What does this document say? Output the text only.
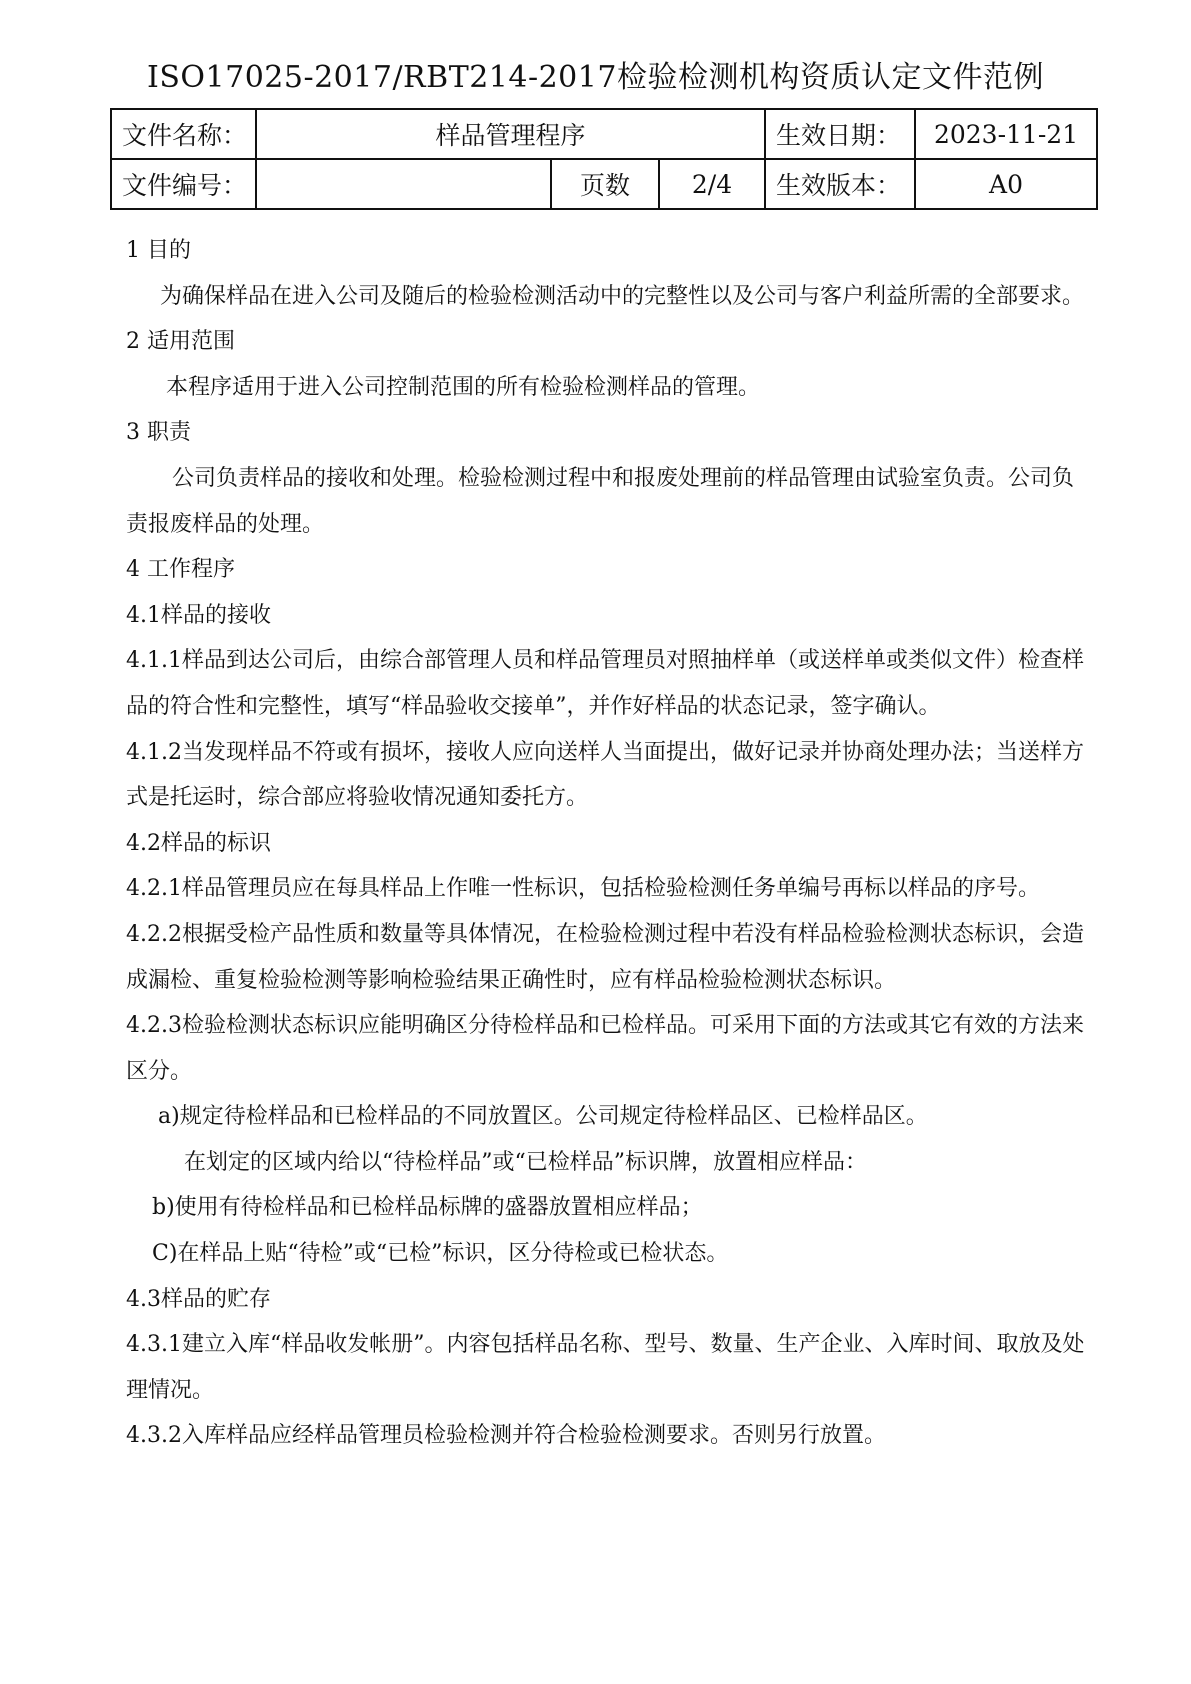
ISO17025-2017/RBT214-2017检验检测机构资质认定文件范例
文件名称：	样品管理程序			生效日期：	2023-11-21
文件编号：		页数	2/4	生效版本：	A0

1 目的

为确保样品在进入公司及随后的检验检测活动中的完整性以及公司与客户利益所需的全部要求。

2 适用范围

本程序适用于进入公司控制范围的所有检验检测样品的管理。

3 职责

公司负责样品的接收和处理。检验检测过程中和报废处理前的样品管理由试验室负责。公司负责报废样品的处理。

4 工作程序

4.1样品的接收

4.1.1样品到达公司后，由综合部管理人员和样品管理员对照抽样单（或送样单或类似文件）检查样品的符合性和完整性，填写“样品验收交接单”，并作好样品的状态记录，签字确认。

4.1.2当发现样品不符或有损坏，接收人应向送样人当面提出，做好记录并协商处理办法；当送样方式是托运时，综合部应将验收情况通知委托方。

4.2样品的标识

4.2.1样品管理员应在每具样品上作唯一性标识，包括检验检测任务单编号再标以样品的序号。

4.2.2根据受检产品性质和数量等具体情况，在检验检测过程中若没有样品检验检测状态标识，会造成漏检、重复检验检测等影响检验结果正确性时，应有样品检验检测状态标识。

4.2.3检验检测状态标识应能明确区分待检样品和已检样品。可采用下面的方法或其它有效的方法来区分。

a)规定待检样品和已检样品的不同放置区。公司规定待检样品区、已检样品区。

在划定的区域内给以“待检样品”或“已检样品”标识牌，放置相应样品：

b)使用有待检样品和已检样品标牌的盛器放置相应样品；

C)在样品上贴“待检”或“已检”标识，区分待检或已检状态。

4.3样品的贮存

4.3.1建立入库“样品收发帐册”。内容包括样品名称、型号、数量、生产企业、入库时间、取放及处理情况。

4.3.2入库样品应经样品管理员检验检测并符合检验检测要求。否则另行放置。
